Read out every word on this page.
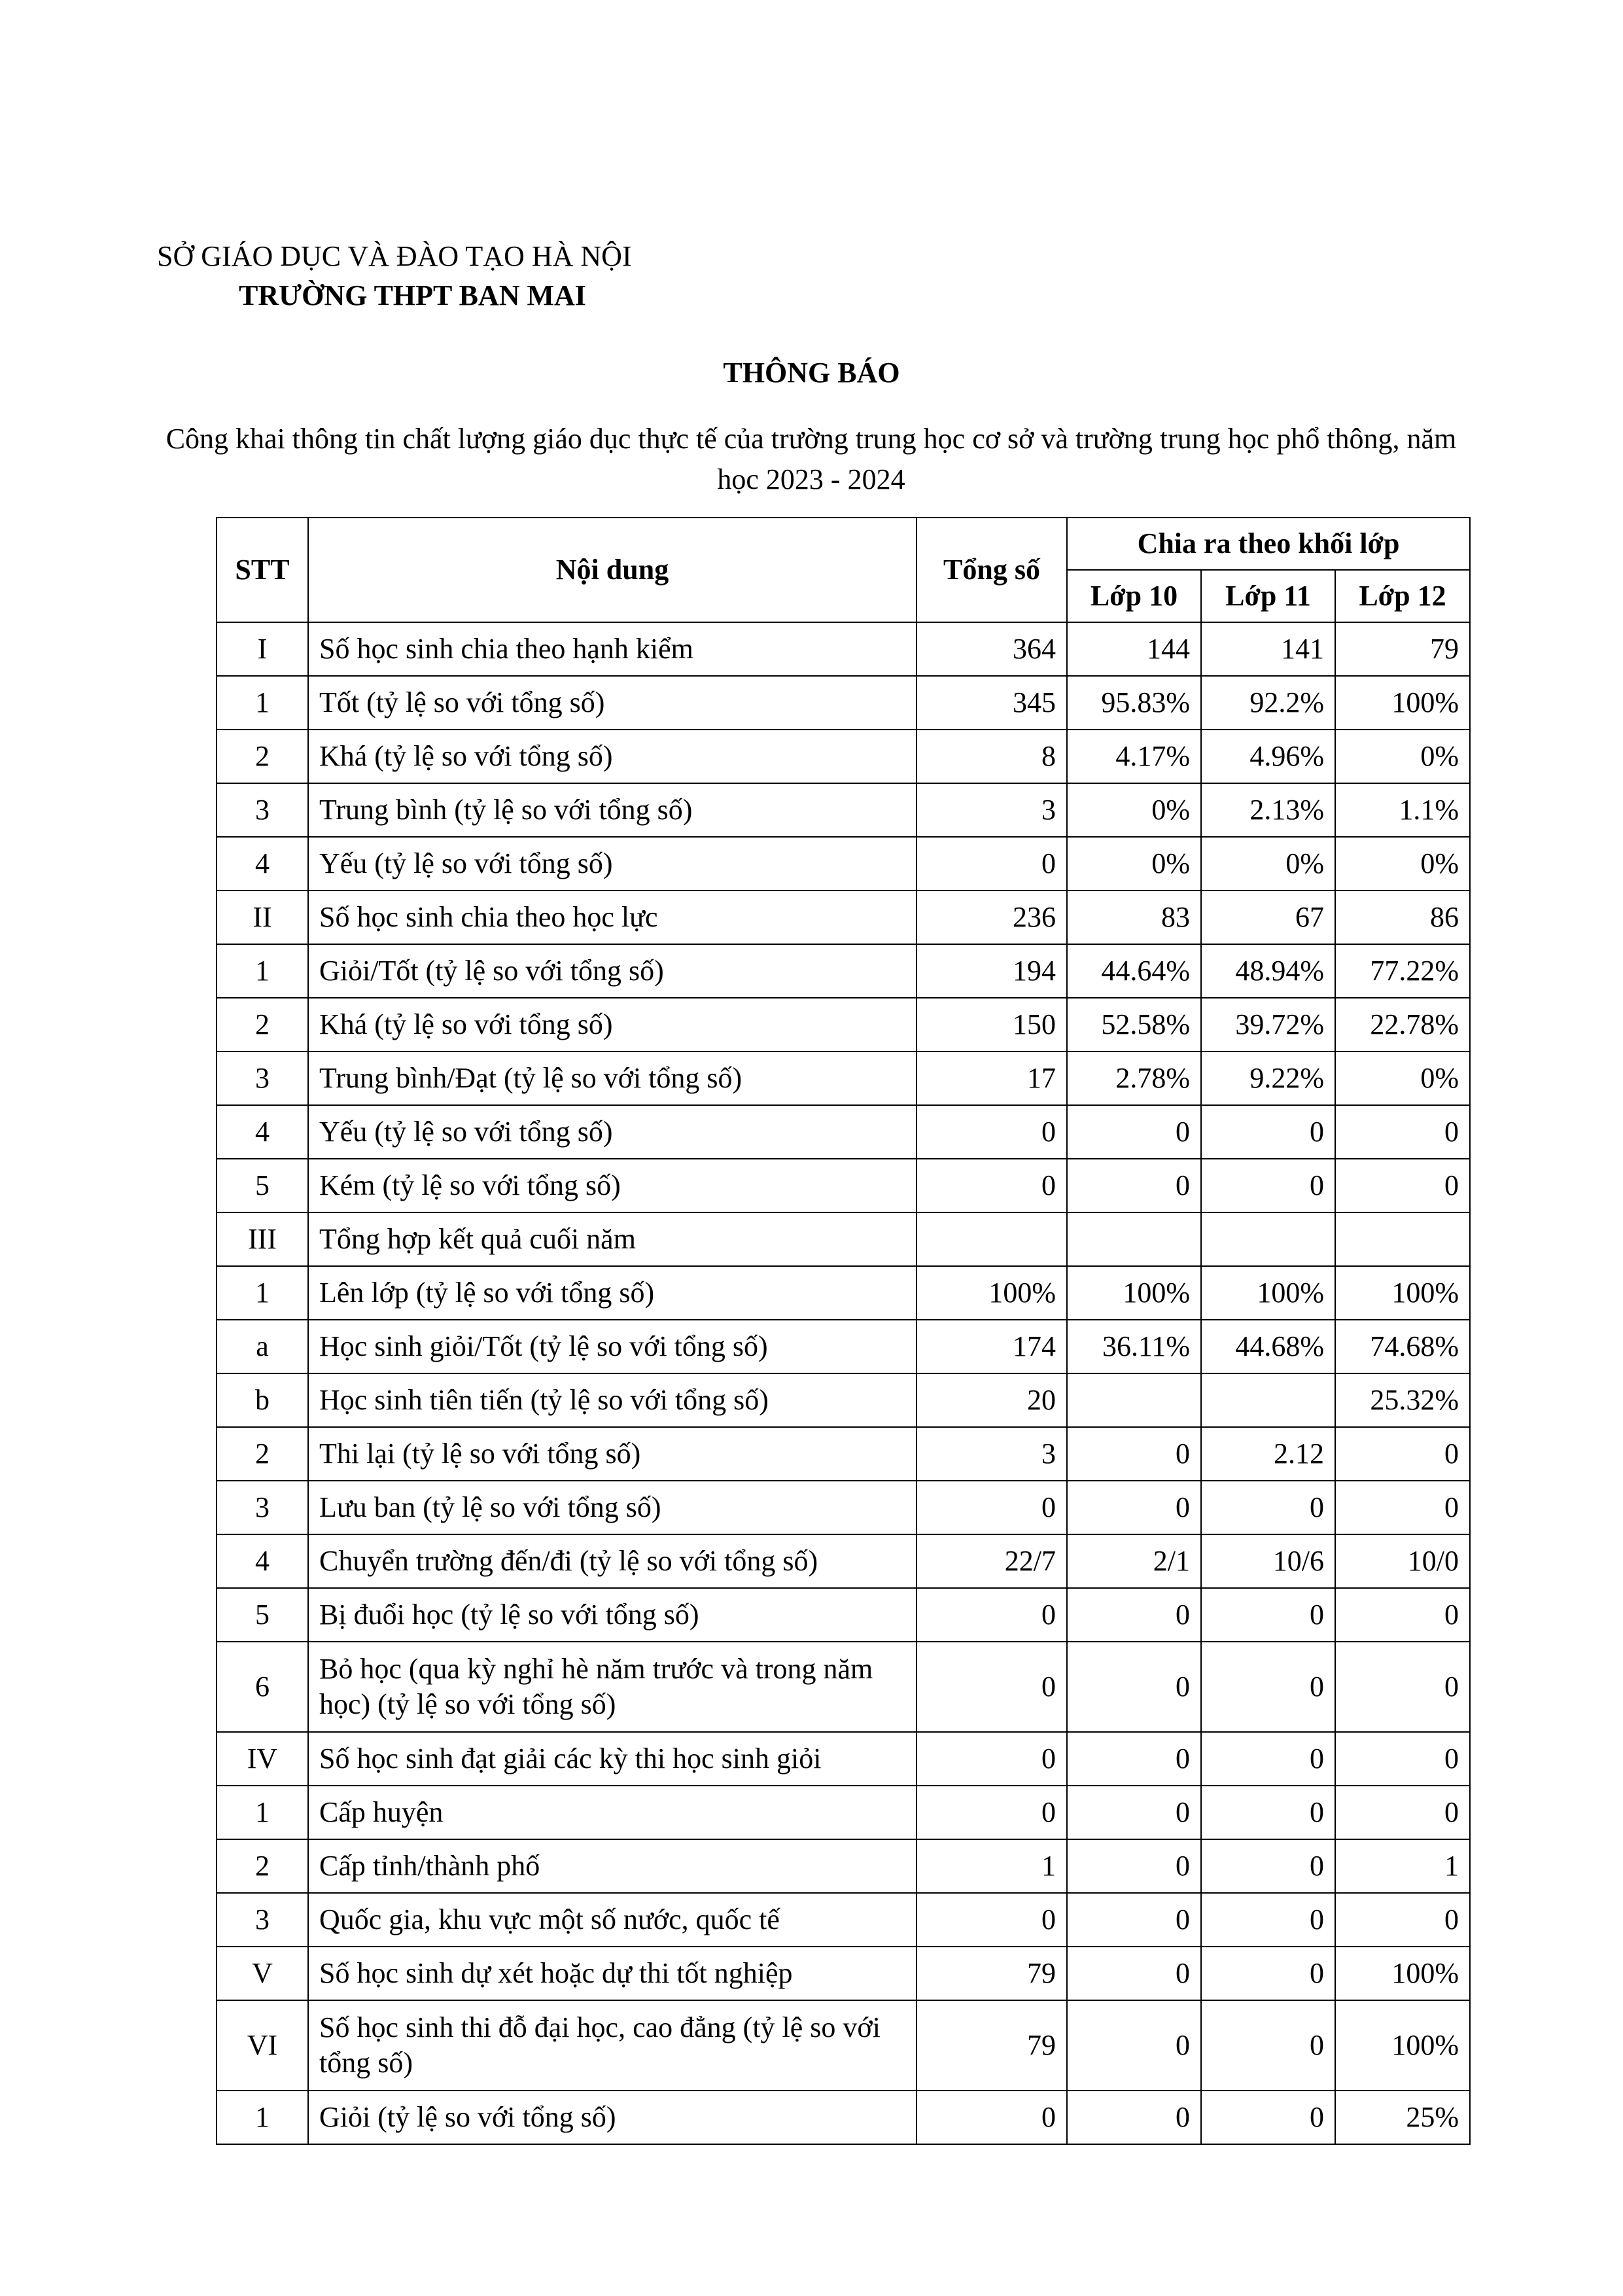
SỞ GIÁO DỤC VÀ ĐÀO TẠO HÀ NỘI
TRƯỜNG THPT BAN MAI
THÔNG BÁO
Công khai thông tin chất lượng giáo dục thực tế của trường trung học cơ sở và trường trung học phổ thông, năm học 2023 - 2024
STT	Nội dung	Tổng số	Chia ra theo khối lớp		
			Lớp 10	Lớp 11	Lớp 12
I	Số học sinh chia theo hạnh kiểm	364	144	141	79
1	Tốt (tỷ lệ so với tổng số)	345	95.83%	92.2%	100%
2	Khá (tỷ lệ so với tổng số)	8	4.17%	4.96%	0%
3	Trung bình (tỷ lệ so với tổng số)	3	0%	2.13%	1.1%
4	Yếu (tỷ lệ so với tổng số)	0	0%	0%	0%
II	Số học sinh chia theo học lực	236	83	67	86
1	Giỏi/Tốt (tỷ lệ so với tổng số)	194	44.64%	48.94%	77.22%
2	Khá (tỷ lệ so với tổng số)	150	52.58%	39.72%	22.78%
3	Trung bình/Đạt (tỷ lệ so với tổng số)	17	2.78%	9.22%	0%
4	Yếu (tỷ lệ so với tổng số)	0	0	0	0
5	Kém (tỷ lệ so với tổng số)	0	0	0	0
III	Tổng hợp kết quả cuối năm				
1	Lên lớp (tỷ lệ so với tổng số)	100%	100%	100%	100%
a	Học sinh giỏi/Tốt (tỷ lệ so với tổng số)	174	36.11%	44.68%	74.68%
b	Học sinh tiên tiến (tỷ lệ so với tổng số)	20			25.32%
2	Thi lại (tỷ lệ so với tổng số)	3	0	2.12	0
3	Lưu ban (tỷ lệ so với tổng số)	0	0	0	0
4	Chuyển trường đến/đi (tỷ lệ so với tổng số)	22/7	2/1	10/6	10/0
5	Bị đuổi học (tỷ lệ so với tổng số)	0	0	0	0
6	Bỏ học (qua kỳ nghỉ hè năm trước và trong năm học) (tỷ lệ so với tổng số)	0	0	0	0
IV	Số học sinh đạt giải các kỳ thi học sinh giỏi	0	0	0	0
1	Cấp huyện	0	0	0	0
2	Cấp tỉnh/thành phố	1	0	0	1
3	Quốc gia, khu vực một số nước, quốc tế	0	0	0	0
V	Số học sinh dự xét hoặc dự thi tốt nghiệp	79	0	0	100%
VI	Số học sinh thi đỗ đại học, cao đẳng (tỷ lệ so với tổng số)	79	0	0	100%
1	Giỏi (tỷ lệ so với tổng số)	0	0	0	25%
